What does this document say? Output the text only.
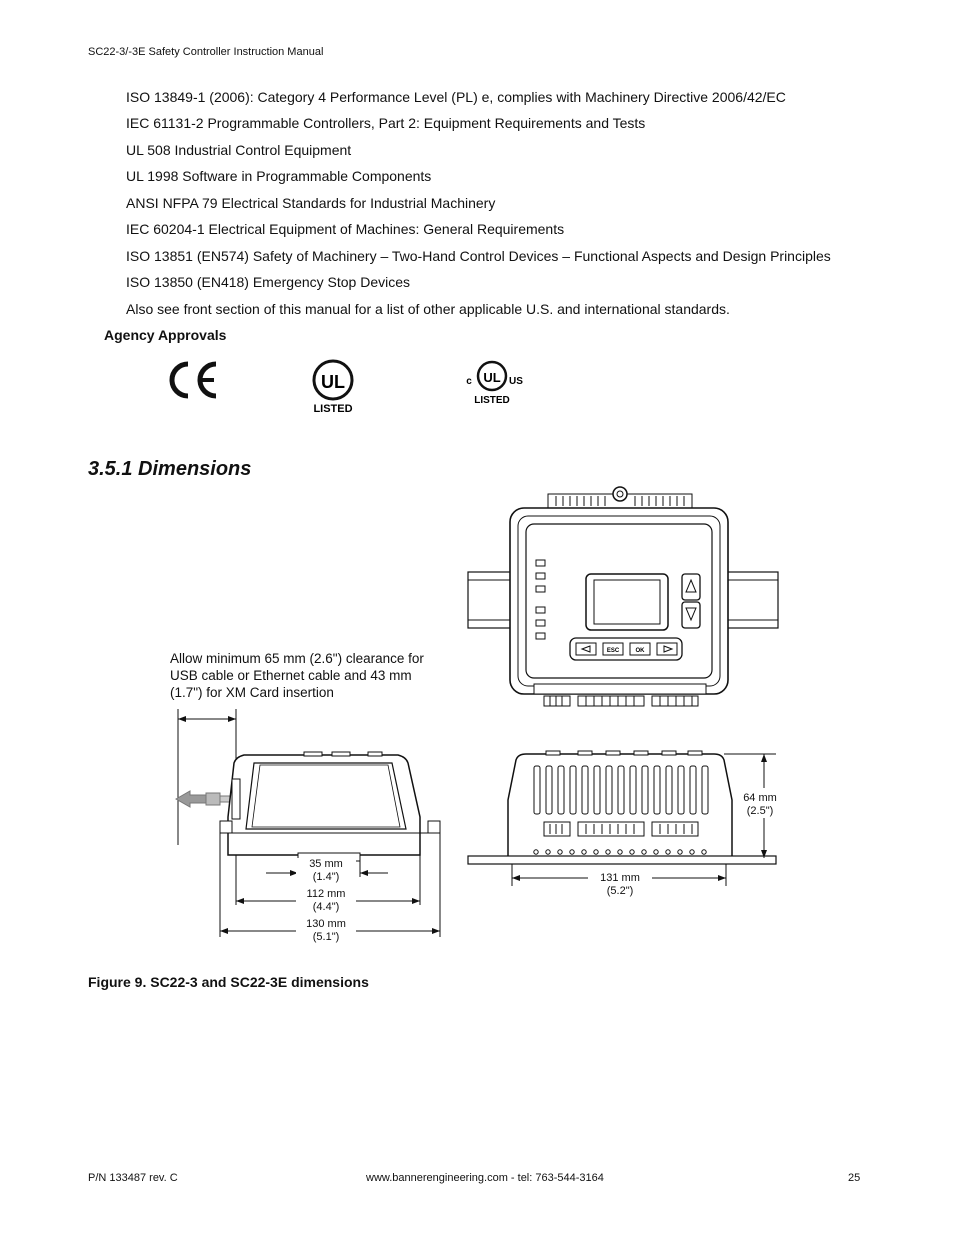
SC22-3/-3E Safety Controller Instruction Manual
ISO 13849-1 (2006): Category 4 Performance Level (PL) e, complies with Machinery Directive 2006/42/EC
IEC 61131-2 Programmable Controllers, Part 2: Equipment Requirements and Tests
UL 508 Industrial Control Equipment
UL 1998 Software in Programmable Components
ANSI NFPA 79 Electrical Standards for Industrial Machinery
IEC 60204-1 Electrical Equipment of Machines: General Requirements
ISO 13851 (EN574) Safety of Machinery – Two-Hand Control Devices – Functional Aspects and Design Principles
ISO 13850 (EN418) Emergency Stop Devices
Also see front section of this manual for a list of other applicable U.S. and international standards.
Agency Approvals
UL
LISTED
UL
c	US
LISTED
3.5.1 Dimensions
ESC	OK
Allow minimum 65 mm (2.6") clearance for USB cable or Ethernet cable and 43 mm (1.7") for XM Card insertion
35 mm
(1.4")
112 mm
(4.4")
130 mm
(5.1")
131 mm
(5.2")
64 mm
(2.5")
Figure 9. SC22-3 and SC22-3E dimensions
P/N 133487 rev. C	www.bannerengineering.com - tel: 763-544-3164	25
